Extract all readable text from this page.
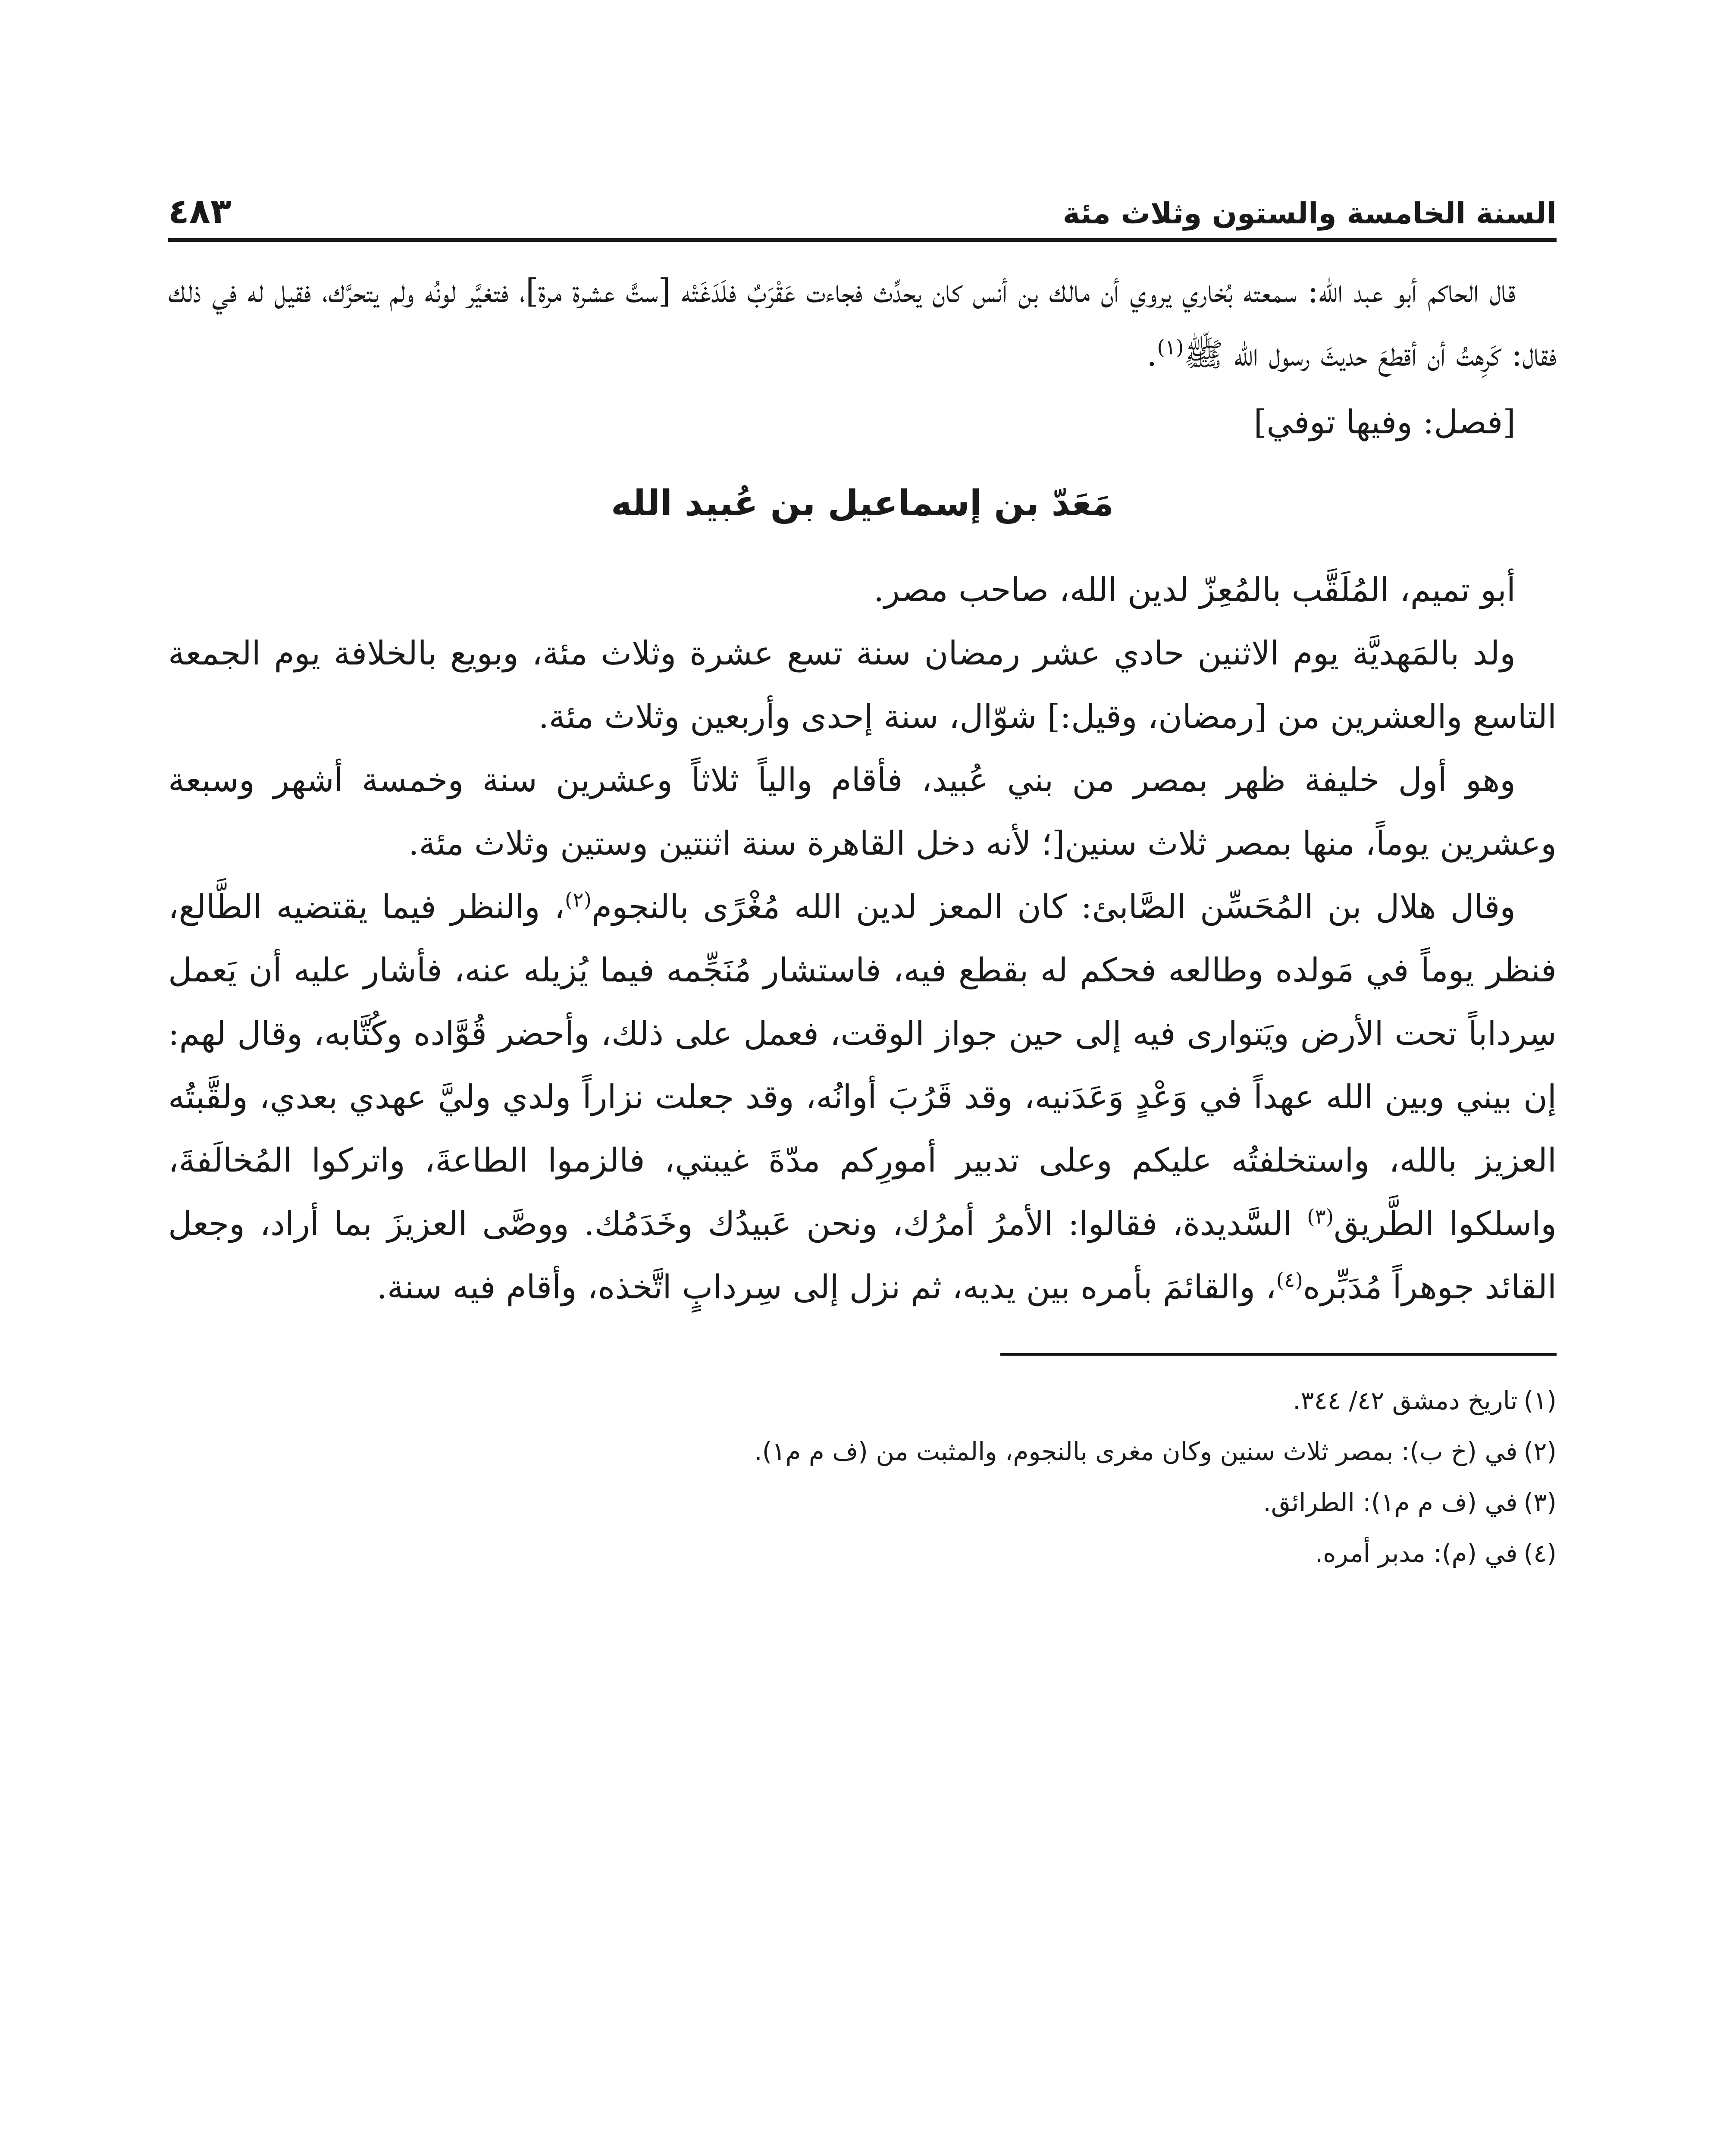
السنة الخامسة والستون وثلاث مئة
٤٨٣

قال الحاكم أبو عبد الله: سمعته بُخاري يروي أن مالك بن أنس كان يحدِّث فجاءت عَقْرَبٌ فلَدَغَتْه [ستَّ عشرة مرة]، فتغيَّر لونُه ولم يتحرَّك، فقيل له في ذلك فقال: كَرِهتُ أن أقطعَ حديثَ رسول الله ﷺ$^{(١)}$.

[فصل: وفيها توفي]
مَعَدّ بن إسماعيل بن عُبيد الله

أبو تميم، المُلَقَّب بالمُعِزّ لدين الله، صاحب مصر.

ولد بالمَهديَّة يوم الاثنين حادي عشر رمضان سنة تسع عشرة وثلاث مئة، وبويع بالخلافة يوم الجمعة التاسع والعشرين من [رمضان، وقيل:] شوّال، سنة إحدى وأربعين وثلاث مئة.

وهو أول خليفة ظهر بمصر من بني عُبيد، فأقام والياً ثلاثاً وعشرين سنة وخمسة أشهر وسبعة وعشرين يوماً، منها بمصر ثلاث سنين[؛ لأنه دخل القاهرة سنة اثنتين وستين وثلاث مئة.

وقال هلال بن المُحَسِّن الصَّابئ: كان المعز لدين الله مُغْرًى بالنجوم$^{(٢)}$، والنظر فيما يقتضيه الطَّالع، فنظر يوماً في مَولده وطالعه فحكم له بقطع فيه، فاستشار مُنَجِّمه فيما يُزيله عنه، فأشار عليه أن يَعمل سِرداباً تحت الأرض ويَتوارى فيه إلى حين جواز الوقت، فعمل على ذلك، وأحضر قُوَّاده وكُتَّابه، وقال لهم: إن بيني وبين الله عهداً في وَعْدٍ وَعَدَنيه، وقد قَرُبَ أوانُه، وقد جعلت نزاراً ولدي وليَّ عهدي بعدي، ولقَّبتُه العزيز بالله، واستخلفتُه عليكم وعلى تدبير أمورِكم مدّةَ غيبتي، فالزموا الطاعةَ، واتركوا المُخالَفةَ، واسلكوا الطَّريق$^{(٣)}$ السَّديدة، فقالوا: الأمرُ أمرُك، ونحن عَبيدُك وخَدَمُك. ووصَّى العزيزَ بما أراد، وجعل القائد جوهراً مُدَبِّره$^{(٤)}$، والقائمَ بأمره بين يديه، ثم نزل إلى سِردابٍ اتَّخذه، وأقام فيه سنة.

(١)تاريخ دمشق ٤٢/ ٣٤٤.
(٢)في (خ ب): بمصر ثلاث سنين وكان مغرى بالنجوم، والمثبت من (ف م م١).
(٣)في (ف م م١): الطرائق.
(٤)في (م): مدبر أمره.
